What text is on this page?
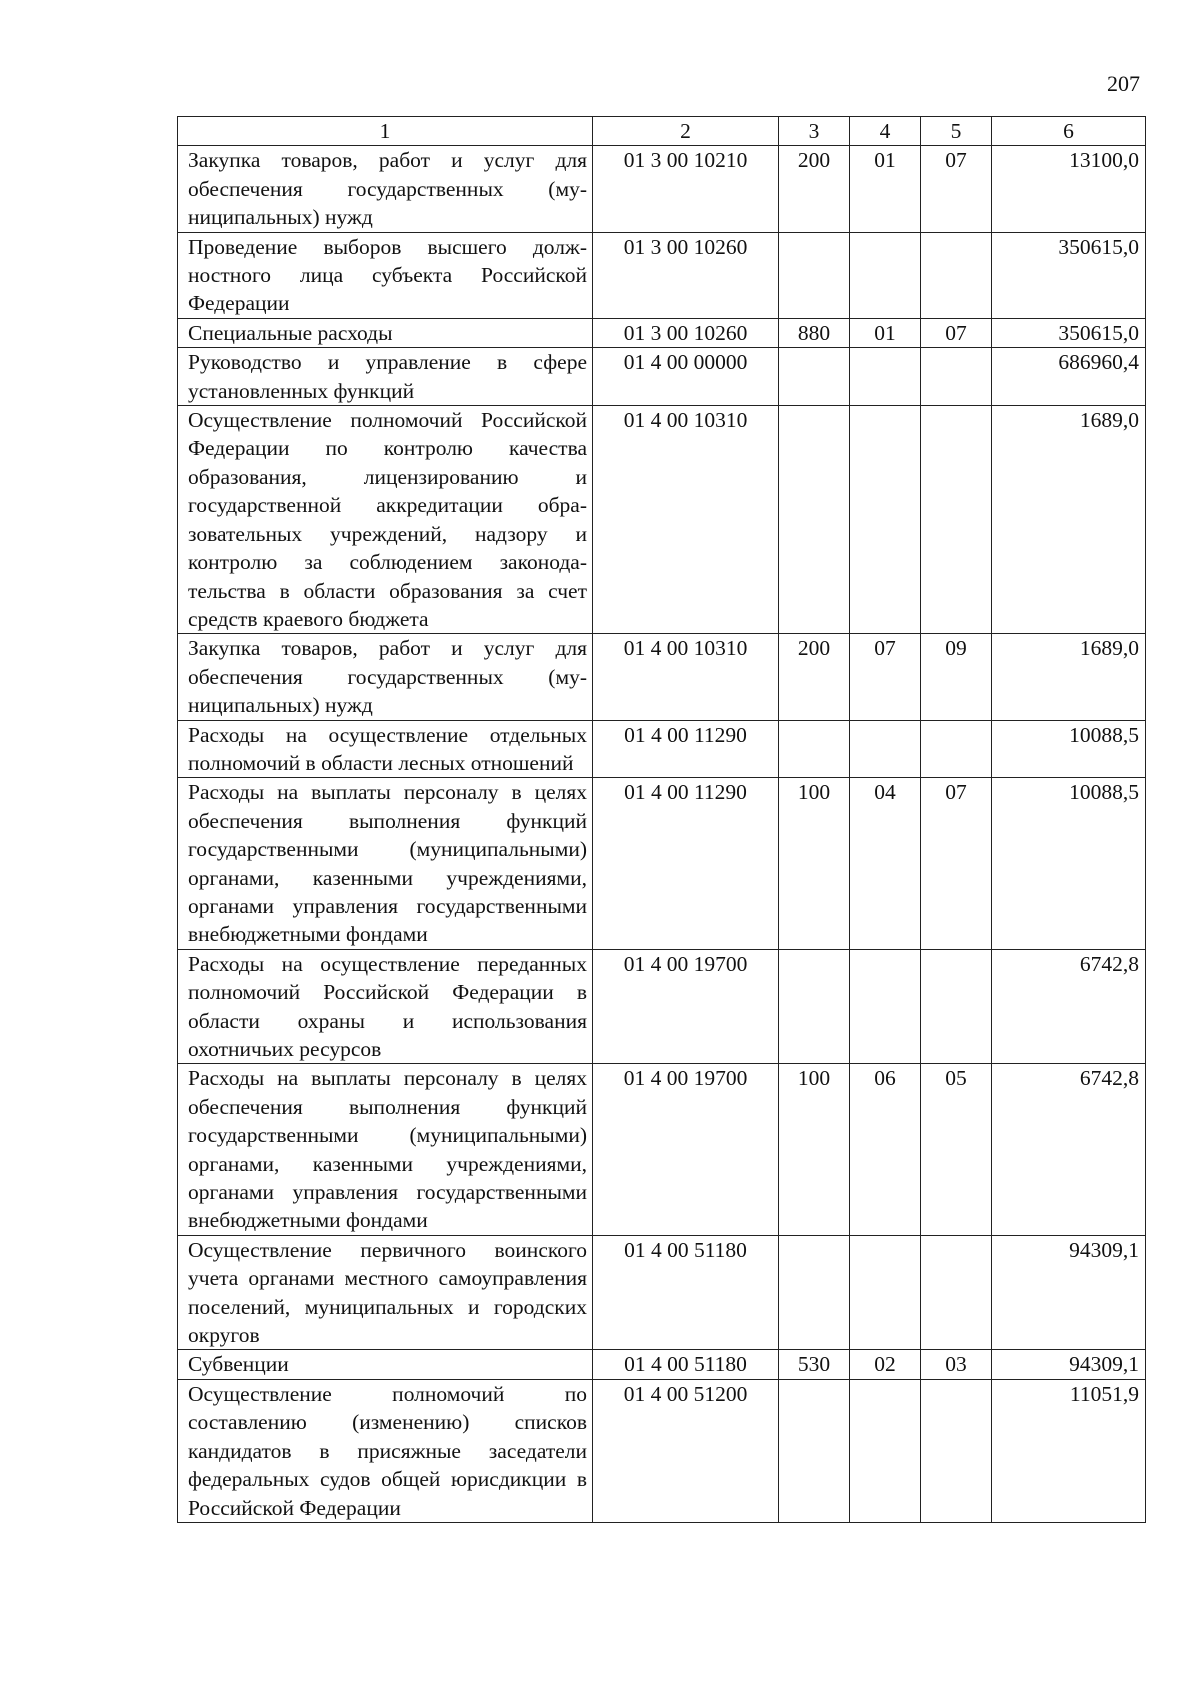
207
1	2	3	4	5	6
Закупка товаров, работ и услуг для обеспечения государственных (муниципальных) нужд	01 3 00 10210	200	01	07	13100,0
Проведение выборов высшего должностного лица субъекта Российской Федерации	01 3 00 10260				350615,0
Специальные расходы	01 3 00 10260	880	01	07	350615,0
Руководство и управление в сфере установленных функций	01 4 00 00000				686960,4
Осуществление полномочий Российской Федерации по контролю качества образования, лицензированию и государственной аккредитации образовательных учреждений, надзору и контролю за соблюдением законодательства в области образования за счет средств краевого бюджета	01 4 00 10310				1689,0
Закупка товаров, работ и услуг для обеспечения государственных (муниципальных) нужд	01 4 00 10310	200	07	09	1689,0
Расходы на осуществление отдельных полномочий в области лесных отношений	01 4 00 11290				10088,5
Расходы на выплаты персоналу в целях обеспечения выполнения функций государственными (муниципальными) органами, казенными учреждениями, органами управления государственными внебюджетными фондами	01 4 00 11290	100	04	07	10088,5
Расходы на осуществление переданных полномочий Российской Федерации в области охраны и использования охотничьих ресурсов	01 4 00 19700				6742,8
Расходы на выплаты персоналу в целях обеспечения выполнения функций государственными (муниципальными) органами, казенными учреждениями, органами управления государственными внебюджетными фондами	01 4 00 19700	100	06	05	6742,8
Осуществление первичного воинского учета органами местного самоуправления поселений, муниципальных и городских округов	01 4 00 51180				94309,1
Субвенции	01 4 00 51180	530	02	03	94309,1
Осуществление полномочий по составлению (изменению) списков кандидатов в присяжные заседатели федеральных судов общей юрисдикции в Российской Федерации	01 4 00 51200				11051,9
